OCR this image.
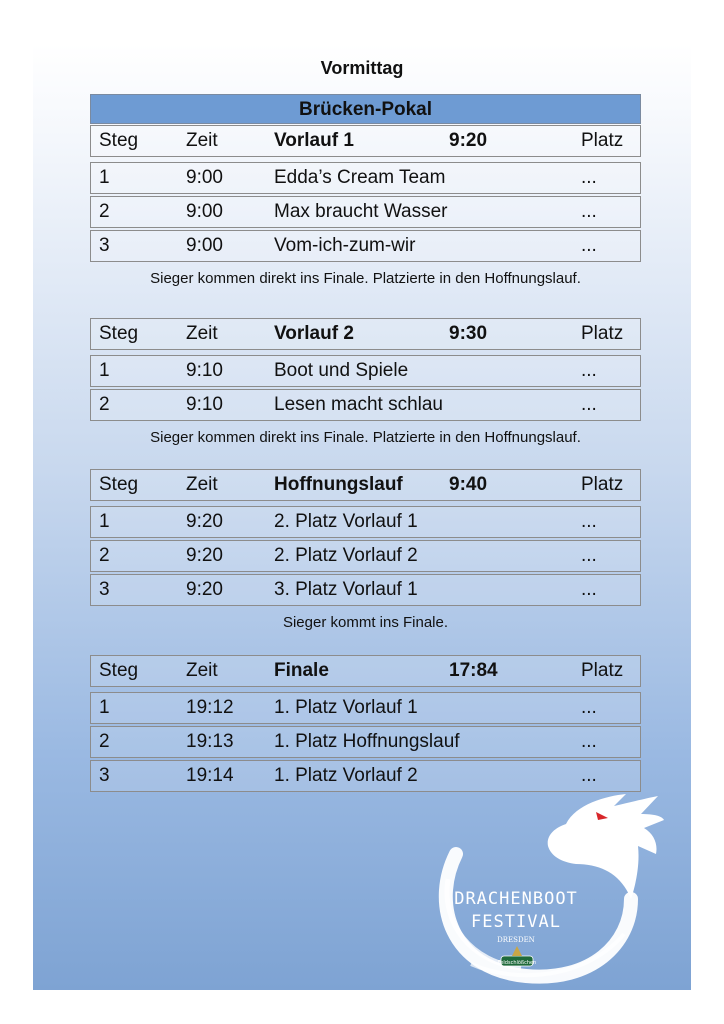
Vormittag
Brücken-Pokal
Steg	Zeit	Vorlauf 1	9:20	Platz
1	9:00	Edda’s Cream Team	...
2	9:00	Max braucht Wasser	...
3	9:00	Vom-ich-zum-wir	...
Sieger kommen direkt ins Finale. Platzierte in den Hoffnungslauf.
Steg	Zeit	Vorlauf 2	9:30	Platz
1	9:10	Boot und Spiele	...
2	9:10	Lesen macht schlau	...
Sieger kommen direkt ins Finale. Platzierte in den Hoffnungslauf.
Steg	Zeit	Hoffnungslauf 9:40	Platz
1	9:20	2. Platz Vorlauf 1	...
2	9:20	2. Platz Vorlauf 2	...
3	9:20	3. Platz Vorlauf 1	...
Sieger kommt ins Finale.
Steg	Zeit	Finale	17:84	Platz
1	19:12 1. Platz Vorlauf 1	...
2	19:13 1. Platz Hoffnungslauf	...
3	19:14 1. Platz Vorlauf 2	...
DRACHENBOOT
FESTIVAL
DRESDEN
Feldschlößchen
